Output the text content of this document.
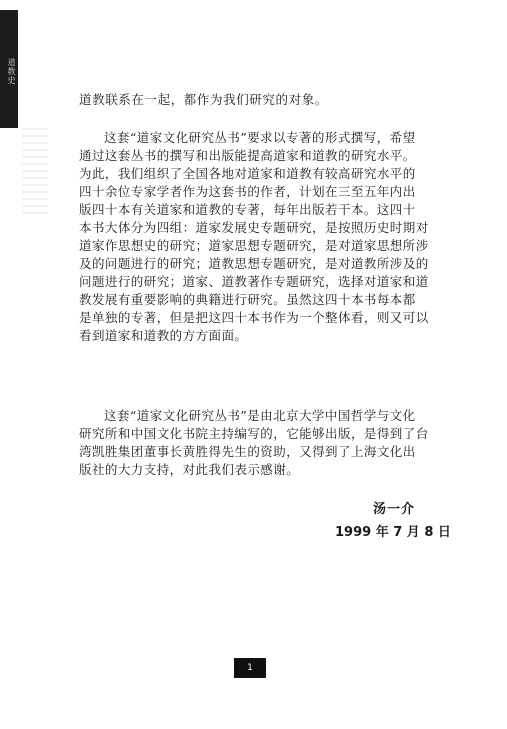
道教史
道教联系在一起，都作为我们研究的对象。
这套“道家文化研究丛书”要求以专著的形式撰写，希望
通过这套丛书的撰写和出版能提高道家和道教的研究水平。
为此，我们组织了全国各地对道家和道教有较高研究水平的
四十余位专家学者作为这套书的作者，计划在三至五年内出
版四十本有关道家和道教的专著，每年出版若干本。这四十
本书大体分为四组：道家发展史专题研究，是按照历史时期对
道家作思想史的研究；道家思想专题研究，是对道家思想所涉
及的问题进行的研究；道教思想专题研究，是对道教所涉及的
问题进行的研究；道家、道教著作专题研究，选择对道家和道
教发展有重要影响的典籍进行研究。虽然这四十本书每本都
是单独的专著，但是把这四十本书作为一个整体看，则又可以
看到道家和道教的方方面面。
这套“道家文化研究丛书”是由北京大学中国哲学与文化
研究所和中国文化书院主持编写的，它能够出版，是得到了台
湾凯胜集团董事长黄胜得先生的资助，又得到了上海文化出
版社的大力支持，对此我们表示感谢。
汤一介
1999 年 7 月 8 日
1
